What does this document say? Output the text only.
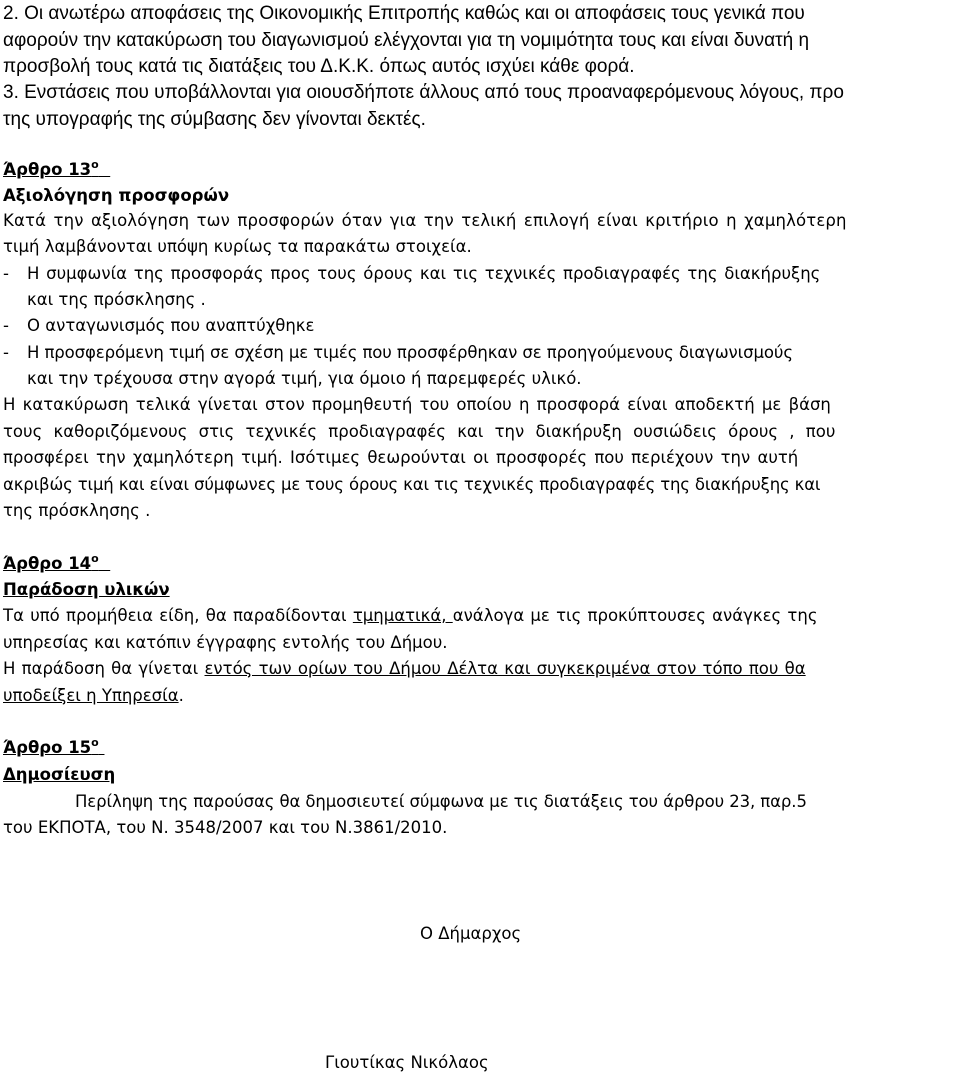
2. Οι ανωτέρω αποφάσεις της Οικονομικής Επιτροπής καθώς και οι αποφάσεις τους γενικά που
αφορούν την κατακύρωση του διαγωνισμού ελέγχονται για τη νομιμότητα τους και είναι δυνατή η
προσβολή τους κατά τις διατάξεις του Δ.Κ.Κ. όπως αυτός ισχύει κάθε φορά.
3. Ενστάσεις που υποβάλλονται για οιουσδήποτε άλλους από τους προαναφερόμενους λόγους, προ
της υπογραφής της σύμβασης δεν γίνονται δεκτές.
Άρθρο $13^o$
Αξιολόγηση προσφορών
Κατά την αξιολόγηση των προσφορών όταν για την τελική επιλογή είναι κριτήριο η χαμηλότερη
τιμή λαμβάνονται υπόψη κυρίως τα παρακάτω στοιχεία.
- Η συμφωνία της προσφοράς προς τους όρους και τις τεχνικές προδιαγραφές της διακήρυξης
και της πρόσκλησης .
- Ο ανταγωνισμός που αναπτύχθηκε
- Η προσφερόμενη τιμή σε σχέση με τιμές που προσφέρθηκαν σε προηγούμενους διαγωνισμούς
και την τρέχουσα στην αγορά τιμή, για όμοιο ή παρεμφερές υλικό.
Η κατακύρωση τελικά γίνεται στον προμηθευτή του οποίου η προσφορά είναι αποδεκτή με βάση
τους καθοριζόμενους στις τεχνικές προδιαγραφές και την διακήρυξη ουσιώδεις όρους , που
προσφέρει την χαμηλότερη τιμή. Ισότιμες θεωρούνται οι προσφορές που περιέχουν την αυτή
ακριβώς τιμή και είναι σύμφωνες με τους όρους και τις τεχνικές προδιαγραφές της διακήρυξης και
της πρόσκλησης .
Άρθρο $14^o$
Παράδοση υλικών
Τα υπό προμήθεια είδη, θα παραδίδονται τμηματικά, ανάλογα με τις προκύπτουσες ανάγκες της
υπηρεσίας και κατόπιν έγγραφης εντολής του Δήμου.
Η παράδοση θα γίνεται εντός των ορίων του Δήμου Δέλτα και συγκεκριμένα στον τόπο που θα
υποδείξει η Υπηρεσία.
Άρθρο $15^o$
Δημοσίευση
Περίληψη της παρούσας θα δημοσιευτεί σύμφωνα με τις διατάξεις του άρθρου 23, παρ.5
του ΕΚΠΟΤΑ, του Ν. 3548/2007 και του Ν.3861/2010.
Ο Δήμαρχος
Γιουτίκας Νικόλαος
